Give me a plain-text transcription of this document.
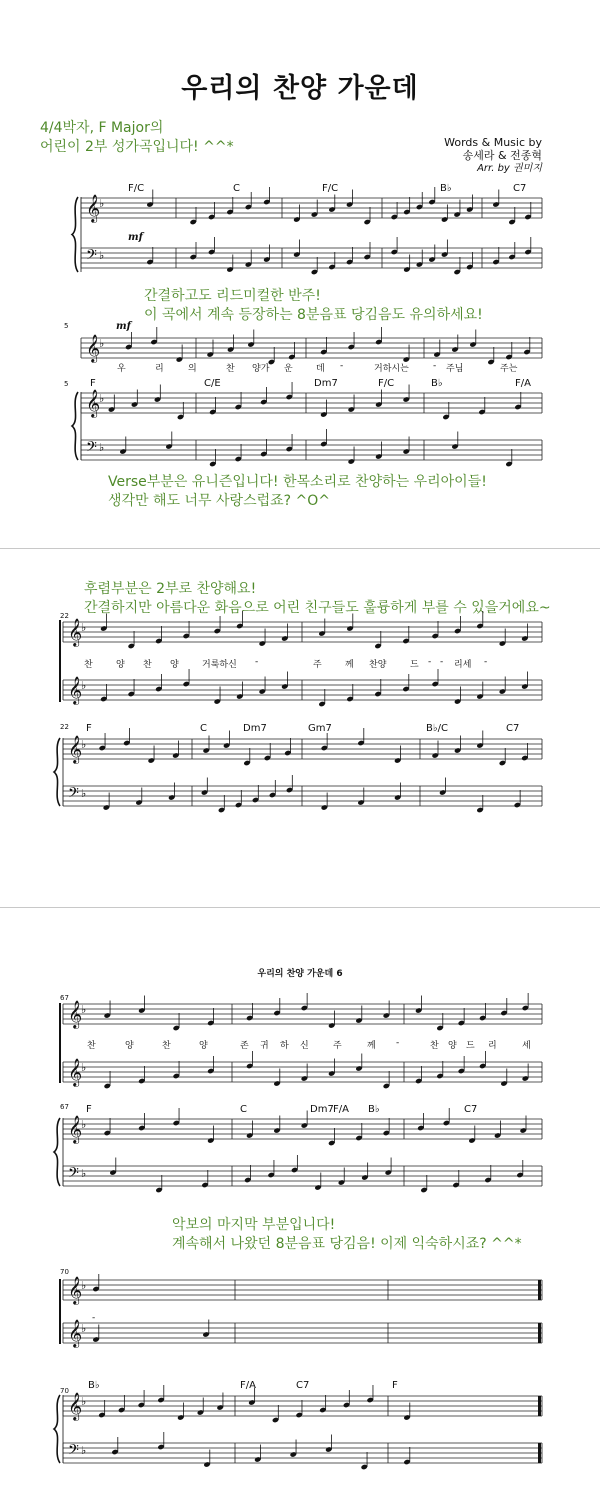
우리의 찬양 가운데
4/4박자, F Major의
어린이 2부 성가곡입니다! ^^*	Words & Music by
송세라 & 전종혁
Arr. by 권미지
간결하고도 리드미컬한 반주!
이 곡에서 계속 등장하는 8분음표 당김음도 유의하세요!
Verse부분은 유니즌입니다! 한목소리로 찬양하는 우리아이들!
생각만 해도 너무 사랑스럽죠? ^O^
후렴부분은 2부로 찬양해요!
간결하지만 아름다운 화음으로 어린 친구들도 훌륭하게 부를 수 있을거에요~
우리의 찬양 가운데 6
악보의 마지막 부분입니다!
계속해서 나왔던 8분음표 당김음! 이제 익숙하시죠? ^^*
𝄞
♭
𝄢 ♭
𝄞
♭
𝄞
♭
𝄢 ♭
𝄞
♭
𝄞
♭
𝄞
♭
𝄢 ♭
𝄞
♭
𝄞
♭
𝄞
♭
𝄢 ♭
𝄞
♭
𝄞
♭
𝄞
♭
𝄢 ♭
F/C	C	F/C	B♭	C7
mf
5	mf
우	리	의	찬 양가 운	데 -	거하시는	- 주님	주는
5 F	C/E	Dm7	F/C	B♭	F/A
22
찬	양 찬 양	거룩하신 -	주	께 찬양	드 - - 리세 -
22 F	C	Dm7	Gm7	B♭/C	C7
67
찬	양	찬	양	존 귀 하 신	주	께 -	찬 양 드 리	세
67 F	C	Dm7 F/A B♭	C7
70
-
70 B♭	F/A	C7	F
